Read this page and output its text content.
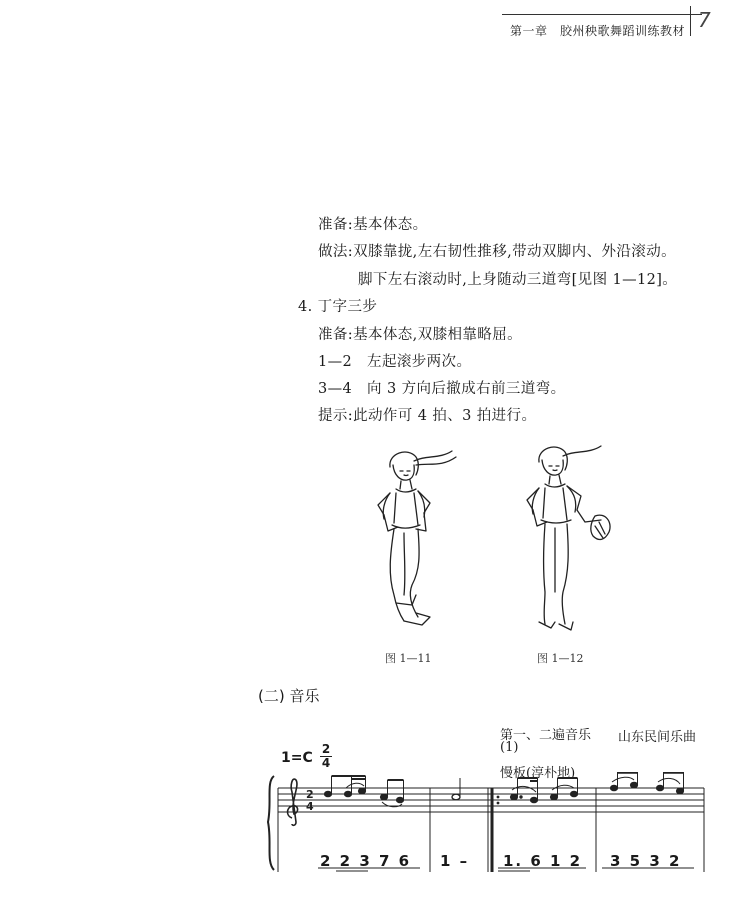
第一章　胶州秧歌舞蹈训练教材 7
准备:基本体态。
做法:双膝靠拢,左右韧性推移,带动双脚内、外沿滚动。
脚下左右滚动时,上身随动三道弯[见图 1—12]。
4. 丁字三步
准备:基本体态,双膝相靠略屈。
1—2　左起滚步两次。
3—4　向 3 方向后撤成右前三道弯。
提示:此动作可 4 拍、3 拍进行。
图 1—11	图 1—12
(二) 音乐
第一、二遍音乐 山东民间乐曲
(1)
慢板(淳朴地)
1=C
2
4
2
4
2 2 3 7 6 1 – 1. 6 1 2 3 5 3 2
